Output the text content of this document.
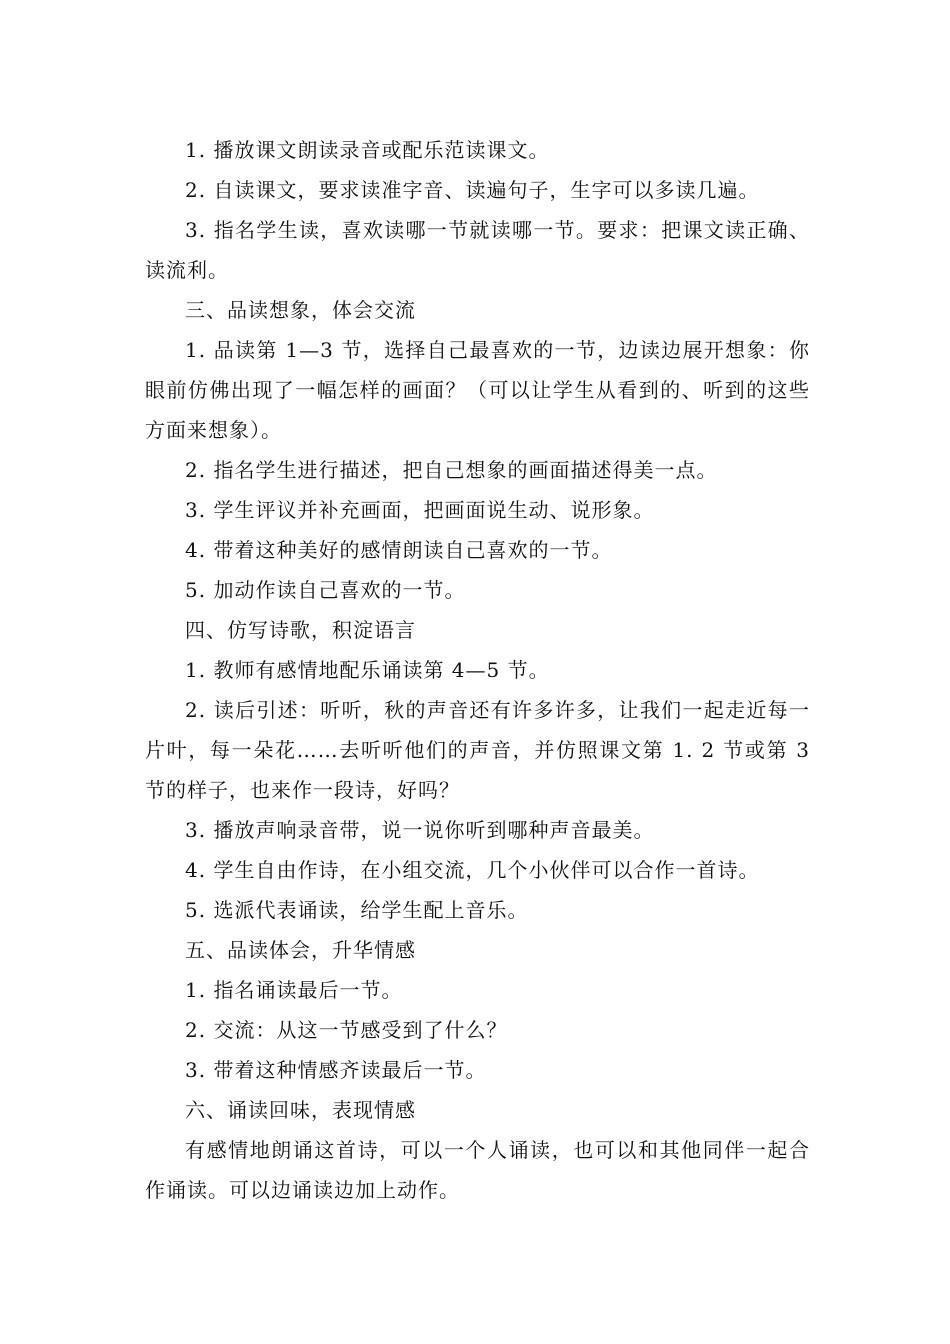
1. 播放课文朗读录音或配乐范读课文。

2. 自读课文，要求读准字音、读遍句子，生字可以多读几遍。

3. 指名学生读，喜欢读哪一节就读哪一节。要求：把课文读正确、读流利。

三、品读想象，体会交流

1. 品读第 1—3 节，选择自己最喜欢的一节，边读边展开想象：你眼前仿佛出现了一幅怎样的画面？（可以让学生从看到的、听到的这些方面来想象）。

2. 指名学生进行描述，把自己想象的画面描述得美一点。

3. 学生评议并补充画面，把画面说生动、说形象。

4. 带着这种美好的感情朗读自己喜欢的一节。

5. 加动作读自己喜欢的一节。

四、仿写诗歌，积淀语言

1. 教师有感情地配乐诵读第 4—5 节。

2. 读后引述：听听，秋的声音还有许多许多，让我们一起走近每一片叶，每一朵花……去听听他们的声音，并仿照课文第 1. 2 节或第 3 节的样子，也来作一段诗，好吗？

3. 播放声响录音带，说一说你听到哪种声音最美。

4. 学生自由作诗，在小组交流，几个小伙伴可以合作一首诗。

5. 选派代表诵读，给学生配上音乐。

五、品读体会，升华情感

1. 指名诵读最后一节。

2. 交流：从这一节感受到了什么？

3. 带着这种情感齐读最后一节。

六、诵读回味，表现情感

有感情地朗诵这首诗，可以一个人诵读，也可以和其他同伴一起合作诵读。可以边诵读边加上动作。
